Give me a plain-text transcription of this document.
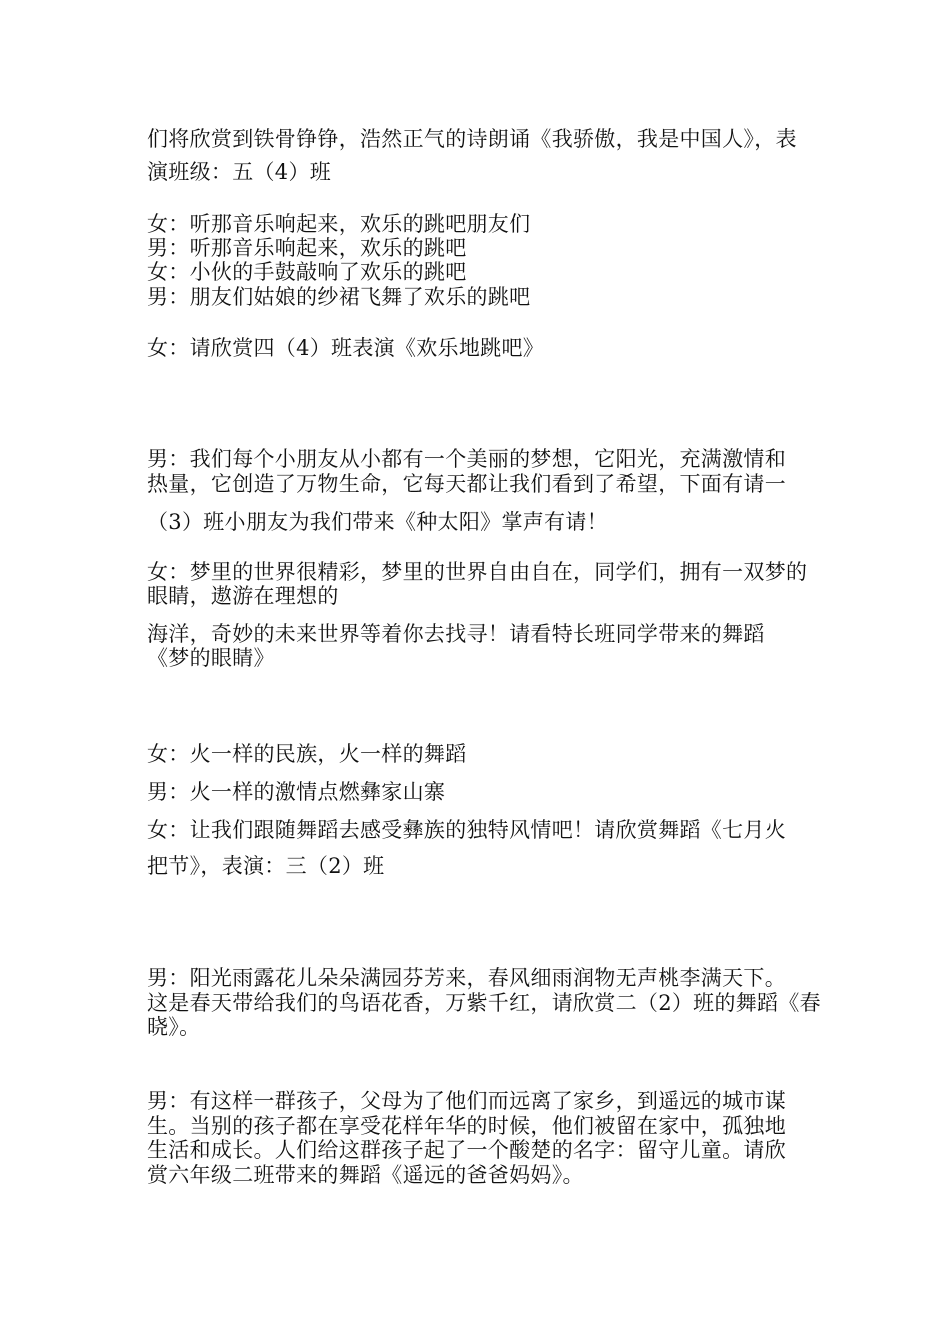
们将欣赏到铁骨铮铮，浩然正气的诗朗诵《我骄傲，我是中国人》，表
演班级：五（4）班
女：听那音乐响起来，欢乐的跳吧朋友们
男：听那音乐响起来，欢乐的跳吧
女：小伙的手鼓敲响了欢乐的跳吧
男：朋友们姑娘的纱裙飞舞了欢乐的跳吧
女：请欣赏四（4）班表演《欢乐地跳吧》
男：我们每个小朋友从小都有一个美丽的梦想，它阳光，充满激情和
热量，它创造了万物生命，它每天都让我们看到了希望，下面有请一
（3）班小朋友为我们带来《种太阳》掌声有请！
女：梦里的世界很精彩，梦里的世界自由自在，同学们，拥有一双梦的
眼睛，遨游在理想的
海洋，奇妙的未来世界等着你去找寻！请看特长班同学带来的舞蹈
《梦的眼睛》
女：火一样的民族，火一样的舞蹈
男：火一样的激情点燃彝家山寨
女：让我们跟随舞蹈去感受彝族的独特风情吧！请欣赏舞蹈《七月火
把节》，表演：三（2）班
男：阳光雨露花儿朵朵满园芬芳来，春风细雨润物无声桃李满天下。
这是春天带给我们的鸟语花香，万紫千红，请欣赏二（2）班的舞蹈《春
晓》。
男：有这样一群孩子，父母为了他们而远离了家乡，到遥远的城市谋
生。当别的孩子都在享受花样年华的时候，他们被留在家中，孤独地
生活和成长。人们给这群孩子起了一个酸楚的名字：留守儿童。请欣
赏六年级二班带来的舞蹈《遥远的爸爸妈妈》。
